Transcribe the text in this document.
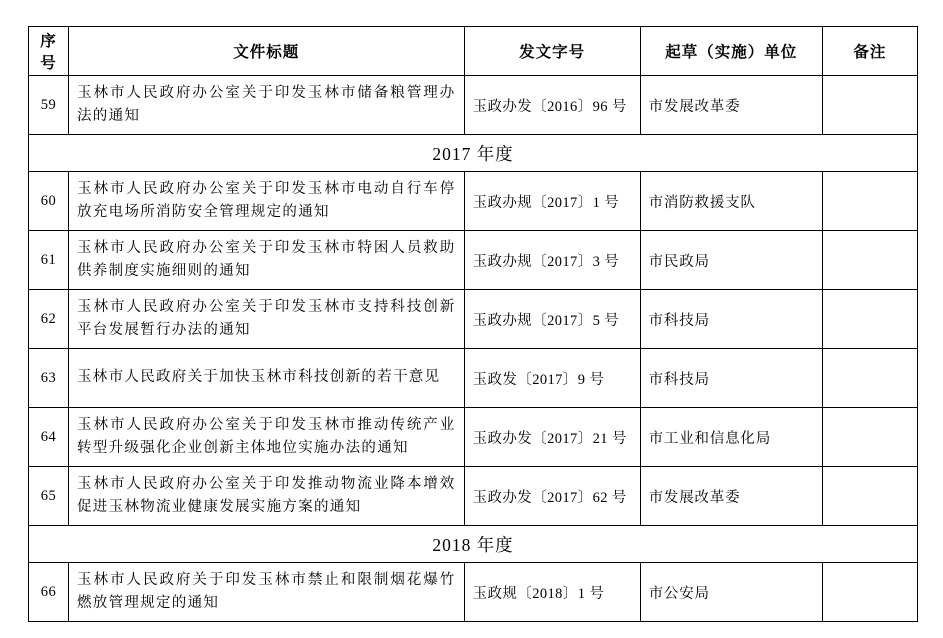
序号	文件标题	发文字号	起草（实施）单位	备注
59	玉林市人民政府办公室关于印发玉林市储备粮管理办法的通知	玉政办发〔2016〕96 号	市发展改革委	
2017 年度				
60	玉林市人民政府办公室关于印发玉林市电动自行车停放充电场所消防安全管理规定的通知	玉政办规〔2017〕1 号	市消防救援支队	
61	玉林市人民政府办公室关于印发玉林市特困人员救助供养制度实施细则的通知	玉政办规〔2017〕3 号	市民政局	
62	玉林市人民政府办公室关于印发玉林市支持科技创新平台发展暂行办法的通知	玉政办规〔2017〕5 号	市科技局	
63	玉林市人民政府关于加快玉林市科技创新的若干意见	玉政发〔2017〕9 号	市科技局	
64	玉林市人民政府办公室关于印发玉林市推动传统产业转型升级强化企业创新主体地位实施办法的通知	玉政办发〔2017〕21 号	市工业和信息化局	
65	玉林市人民政府办公室关于印发推动物流业降本增效促进玉林物流业健康发展实施方案的通知	玉政办发〔2017〕62 号	市发展改革委	
2018 年度				
66	玉林市人民政府关于印发玉林市禁止和限制烟花爆竹燃放管理规定的通知	玉政规〔2018〕1 号	市公安局	
